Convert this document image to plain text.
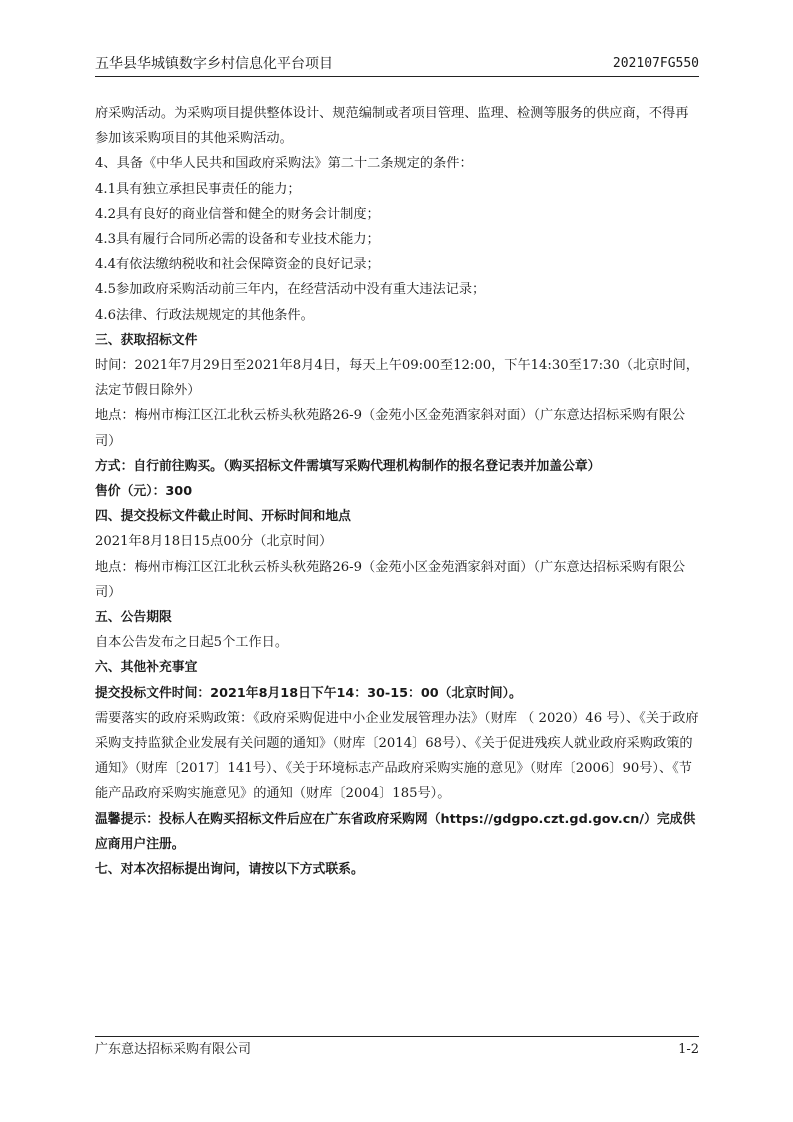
五华县华城镇数字乡村信息化平台项目	202107FG550

府采购活动。为采购项目提供整体设计、规范编制或者项目管理、监理、检测等服务的供应商，不得再参加该采购项目的其他采购活动。

4、具备《中华人民共和国政府采购法》第二十二条规定的条件：

4.1具有独立承担民事责任的能力；

4.2具有良好的商业信誉和健全的财务会计制度；

4.3具有履行合同所必需的设备和专业技术能力；

4.4有依法缴纳税收和社会保障资金的良好记录；

4.5参加政府采购活动前三年内，在经营活动中没有重大违法记录；

4.6法律、行政法规规定的其他条件。

三、获取招标文件

时间：2021年7月29日至2021年8月4日，每天上午09:00至12:00，下午14:30至17:30（北京时间，法定节假日除外）

地点：梅州市梅江区江北秋云桥头秋苑路26-9（金苑小区金苑酒家斜对面）（广东意达招标采购有限公司）

方式：自行前往购买。（购买招标文件需填写采购代理机构制作的报名登记表并加盖公章）

售价（元）：300

四、提交投标文件截止时间、开标时间和地点

2021年8月18日15点00分（北京时间）

地点：梅州市梅江区江北秋云桥头秋苑路26-9（金苑小区金苑酒家斜对面）（广东意达招标采购有限公司）

五、公告期限

自本公告发布之日起5个工作日。

六、其他补充事宜

提交投标文件时间：2021年8月18日下午14：30-15：00（北京时间）。

需要落实的政府采购政策：《政府采购促进中小企业发展管理办法》（财库 （ 2020）46 号）、《关于政府采购支持监狱企业发展有关问题的通知》（财库〔2014〕68号）、《关于促进残疾人就业政府采购政策的通知》（财库〔2017〕141号）、《关于环境标志产品政府采购实施的意见》（财库〔2006〕90号）、《节能产品政府采购实施意见》的通知（财库〔2004〕185号）。

温馨提示：投标人在购买招标文件后应在广东省政府采购网（https://gdgpo.czt.gd.gov.cn/）完成供应商用户注册。

七、对本次招标提出询问，请按以下方式联系。

广东意达招标采购有限公司	1-2
